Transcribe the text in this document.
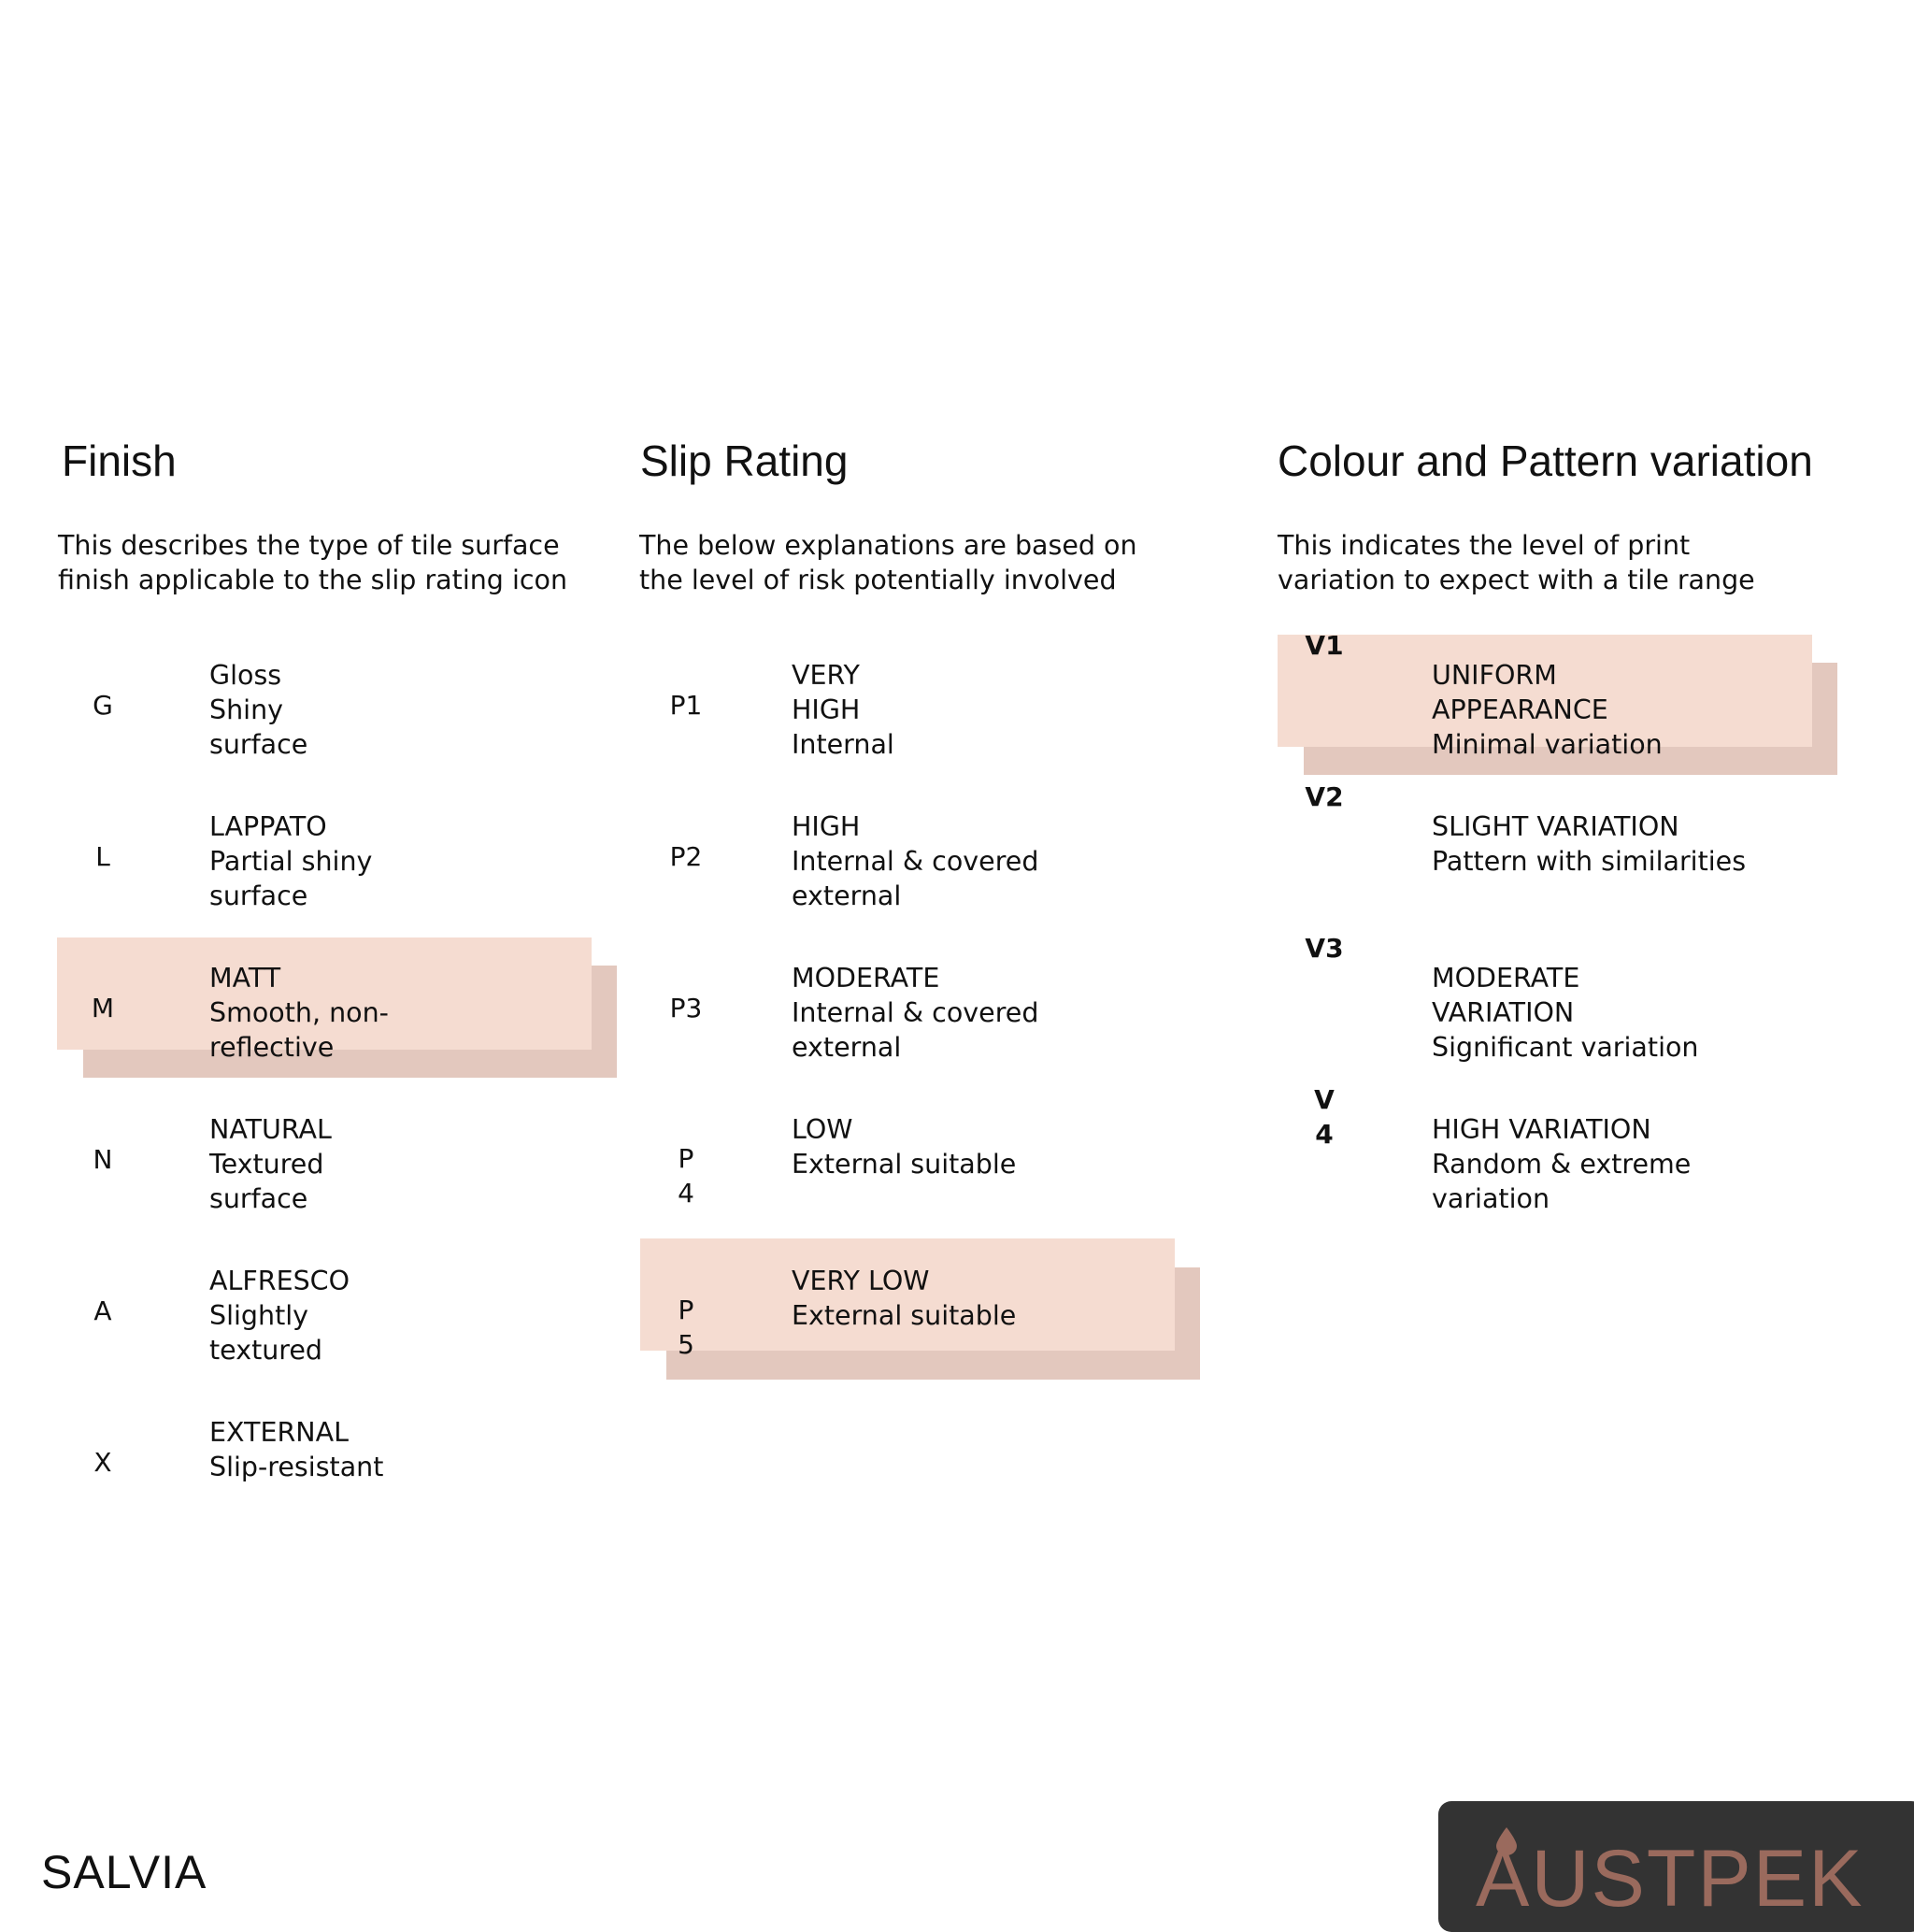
Finish

This describes the type of tile surface
finish applicable to the slip rating icon

G
Gloss
Shiny
surface
L
LAPPATO
Partial shiny
surface
M
MATT
Smooth, non-
reflective
N
NATURAL
Textured
surface
A
ALFRESCO
Slightly
textured
X
EXTERNAL
Slip-resistant
Slip Rating

The below explanations are based on
the level of risk potentially involved

P1
VERY
HIGH
Internal
P2
HIGH
Internal & covered
external
P3
MODERATE
Internal & covered
external
P
4
LOW
External suitable
P
5
VERY LOW
External suitable
Colour and Pattern variation

This indicates the level of print
variation to expect with a tile range

V1
UNIFORM
APPEARANCE
Minimal variation
V2
SLIGHT VARIATION
Pattern with similarities
V3
MODERATE
VARIATION
Significant variation
V
4	HIGH VARIATION
Random & extreme
variation

SALVIA	AUSTPEK
